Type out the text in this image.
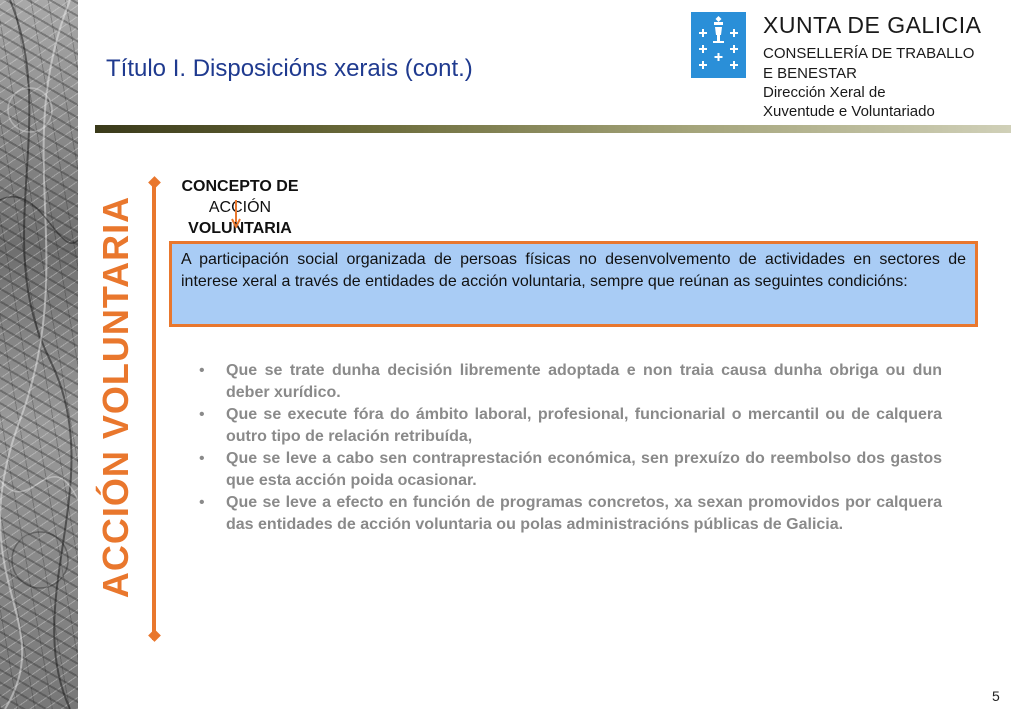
Título I. Disposicións xerais (cont.)
XUNTA DE GALICIA
CONSELLERÍA DE TRABALLO
E BENESTAR
Dirección Xeral de
Xuventude e Voluntariado
ACCIÓN VOLUNTARIA
CONCEPTO DE
ACCIÓN
VOLUNTARIA
A participación social organizada de persoas físicas no desenvolvemento de actividades en sectores de interese xeral a través de entidades de acción voluntaria, sempre que reúnan as seguintes condicións:
• Que se trate dunha decisión libremente adoptada e non traia causa dunha obriga ou dun deber xurídico.
• Que se execute fóra do ámbito laboral, profesional, funcionarial o mercantil ou de calquera outro tipo de relación retribuída,
• Que se leve a cabo sen contraprestación económica, sen prexuízo do reembolso dos gastos que esta acción poida ocasionar.
• Que se leve a efecto en función de programas concretos, xa sexan promovidos por calquera das entidades de acción voluntaria ou polas administracións públicas de Galicia.
5
